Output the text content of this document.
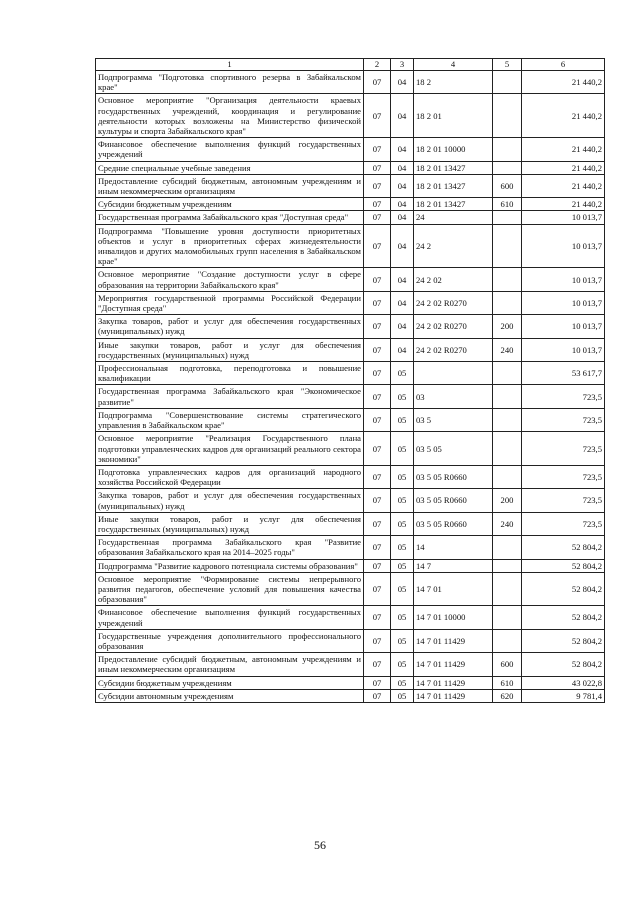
1	2	3	4	5	6
Подпрограмма "Подготовка спортивного резерва в Забайкальском крае"	07	04	18 2		21 440,2
Основное мероприятие "Организация деятельности краевых государственных учреждений, координация и регулирование деятельности которых возложены на Министерство физической культуры и спорта Забайкальского края"	07	04	18 2 01		21 440,2
Финансовое обеспечение выполнения функций государственных учреждений	07	04	18 2 01 10000		21 440,2
Средние специальные учебные заведения	07	04	18 2 01 13427		21 440,2
Предоставление субсидий бюджетным, автономным учреждениям и иным некоммерческим организациям	07	04	18 2 01 13427	600	21 440,2
Субсидии бюджетным учреждениям	07	04	18 2 01 13427	610	21 440,2
Государственная программа Забайкальского края "Доступная среда"	07	04	24		10 013,7
Подпрограмма "Повышение уровня доступности приоритетных объектов и услуг в приоритетных сферах жизнедеятельности инвалидов и других маломобильных групп населения в Забайкальском крае"	07	04	24 2		10 013,7
Основное мероприятие "Создание доступности услуг в сфере образования на территории Забайкальского края"	07	04	24 2 02		10 013,7
Мероприятия государственной программы Российской Федерации "Доступная среда"	07	04	24 2 02 R0270		10 013,7
Закупка товаров, работ и услуг для обеспечения государственных (муниципальных) нужд	07	04	24 2 02 R0270	200	10 013,7
Иные закупки товаров, работ и услуг для обеспечения государственных (муниципальных) нужд	07	04	24 2 02 R0270	240	10 013,7
Профессиональная подготовка, переподготовка и повышение квалификации	07	05			53 617,7
Государственная программа Забайкальского края "Экономическое развитие"	07	05	03		723,5
Подпрограмма "Совершенствование системы стратегического управления в Забайкальском крае"	07	05	03 5		723,5
Основное мероприятие "Реализация Государственного плана подготовки управленческих кадров для организаций реального сектора экономики"	07	05	03 5 05		723,5
Подготовка управленческих кадров для организаций народного хозяйства Российской Федерации	07	05	03 5 05 R0660		723,5
Закупка товаров, работ и услуг для обеспечения государственных (муниципальных) нужд	07	05	03 5 05 R0660	200	723,5
Иные закупки товаров, работ и услуг для обеспечения государственных (муниципальных) нужд	07	05	03 5 05 R0660	240	723,5
Государственная программа Забайкальского края "Развитие образования Забайкальского края на 2014–2025 годы"	07	05	14		52 804,2
Подпрограмма "Развитие кадрового потенциала системы образования"	07	05	14 7		52 804,2
Основное мероприятие "Формирование системы непрерывного развития педагогов, обеспечение условий для повышения качества образования"	07	05	14 7 01		52 804,2
Финансовое обеспечение выполнения функций государственных учреждений	07	05	14 7 01 10000		52 804,2
Государственные учреждения дополнительного профессионального образования	07	05	14 7 01 11429		52 804,2
Предоставление субсидий бюджетным, автономным учреждениям и иным некоммерческим организациям	07	05	14 7 01 11429	600	52 804,2
Субсидии бюджетным учреждениям	07	05	14 7 01 11429	610	43 022,8
Субсидии автономным учреждениям	07	05	14 7 01 11429	620	9 781,4
56
